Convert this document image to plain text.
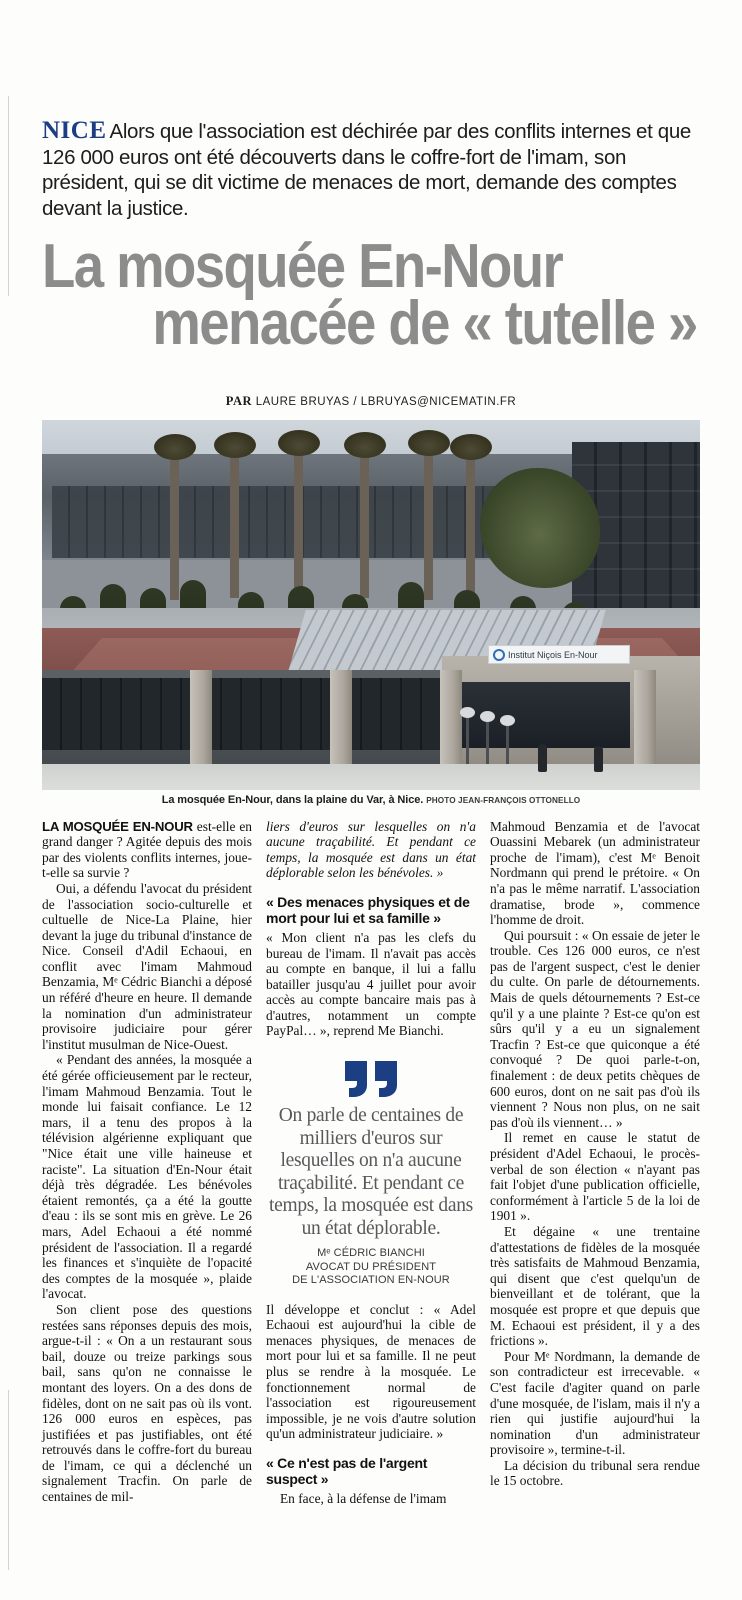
NICE Alors que l'association est déchirée par des conflits internes et que 126 000 euros ont été découverts dans le coffre-fort de l'imam, son président, qui se dit victime de menaces de mort, demande des comptes devant la justice.
La mosquée En-Nour
menacée de « tutelle »
PAR LAURE BRUYAS / LBRUYAS@NICEMATIN.FR
Institut Niçois En-Nour
La mosquée En-Nour, dans la plaine du Var, à Nice. PHOTO JEAN-FRANÇOIS OTTONELLO

LA MOSQUÉE EN-NOUR est-elle en grand danger ? Agitée depuis des mois par des violents conflits internes, joue-t-elle sa survie ?

Oui, a défendu l'avocat du président de l'association socio-culturelle et cultuelle de Nice-La Plaine, hier devant la juge du tribunal d'instance de Nice. Conseil d'Adil Echaoui, en conflit avec l'imam Mahmoud Benzamia, Mᵉ Cédric Bianchi a déposé un référé d'heure en heure. Il demande la nomination d'un administrateur provisoire judiciaire pour gérer l'institut musulman de Nice-Ouest.

« Pendant des années, la mosquée a été gérée officieusement par le recteur, l'imam Mahmoud Benzamia. Tout le monde lui faisait confiance. Le 12 mars, il a tenu des propos à la télévision algérienne expliquant que "Nice était une ville haineuse et raciste". La situation d'En-Nour était déjà très dégradée. Les bénévoles étaient remontés, ça a été la goutte d'eau : ils se sont mis en grève. Le 26 mars, Adel Echaoui a été nommé président de l'association. Il a regardé les finances et s'inquiète de l'opacité des comptes de la mosquée », plaide l'avocat.

Son client pose des questions restées sans réponses depuis des mois, argue-t-il : « On a un restaurant sous bail, douze ou treize parkings sous bail, sans qu'on ne connaisse le montant des loyers. On a des dons de fidèles, dont on ne sait pas où ils vont. 126 000 euros en espèces, pas justifiées et pas justifiables, ont été retrouvés dans le coffre-fort du bureau de l'imam, ce qui a déclenché un signalement Tracfin. On parle de centaines de mil-

liers d'euros sur lesquelles on n'a aucune traçabilité. Et pendant ce temps, la mosquée est dans un état déplorable selon les bénévoles. »

« Des menaces physiques et de mort pour lui et sa famille »

« Mon client n'a pas les clefs du bureau de l'imam. Il n'avait pas accès au compte en banque, il lui a fallu batailler jusqu'au 4 juillet pour avoir accès au compte bancaire mais pas à d'autres, notamment un compte PayPal… », reprend Me Bianchi.

On parle de centaines de milliers d'euros sur lesquelles on n'a aucune traçabilité. Et pendant ce temps, la mosquée est dans un état déplorable.
Mᵉ CÉDRIC BIANCHI
AVOCAT DU PRÉSIDENT
DE L'ASSOCIATION EN-NOUR

Il développe et conclut : « Adel Echaoui est aujourd'hui la cible de menaces physiques, de menaces de mort pour lui et sa famille. Il ne peut plus se rendre à la mosquée. Le fonctionnement normal de l'association est rigoureusement impossible, je ne vois d'autre solution qu'un administrateur judiciaire. »

« Ce n'est pas de l'argent suspect »

En face, à la défense de l'imam

Mahmoud Benzamia et de l'avocat Ouassini Mebarek (un administrateur proche de l'imam), c'est Mᵉ Benoit Nordmann qui prend le prétoire. « On n'a pas le même narratif. L'association dramatise, brode », commence l'homme de droit.

Qui poursuit : « On essaie de jeter le trouble. Ces 126 000 euros, ce n'est pas de l'argent suspect, c'est le denier du culte. On parle de détournements. Mais de quels détournements ? Est-ce qu'il y a une plainte ? Est-ce qu'on est sûrs qu'il y a eu un signalement Tracfin ? Est-ce que quiconque a été convoqué ? De quoi parle-t-on, finalement : de deux petits chèques de 600 euros, dont on ne sait pas d'où ils viennent ? Nous non plus, on ne sait pas d'où ils viennent… »

Il remet en cause le statut de président d'Adel Echaoui, le procès-verbal de son élection « n'ayant pas fait l'objet d'une publication officielle, conformément à l'article 5 de la loi de 1901 ».

Et dégaine « une trentaine d'attestations de fidèles de la mosquée très satisfaits de Mahmoud Benzamia, qui disent que c'est quelqu'un de bienveillant et de tolérant, que la mosquée est propre et que depuis que M. Echaoui est président, il y a des frictions ».

Pour Mᵉ Nordmann, la demande de son contradicteur est irrecevable. « C'est facile d'agiter quand on parle d'une mosquée, de l'islam, mais il n'y a rien qui justifie aujourd'hui la nomination d'un administrateur provisoire », termine-t-il.

La décision du tribunal sera rendue le 15 octobre.
